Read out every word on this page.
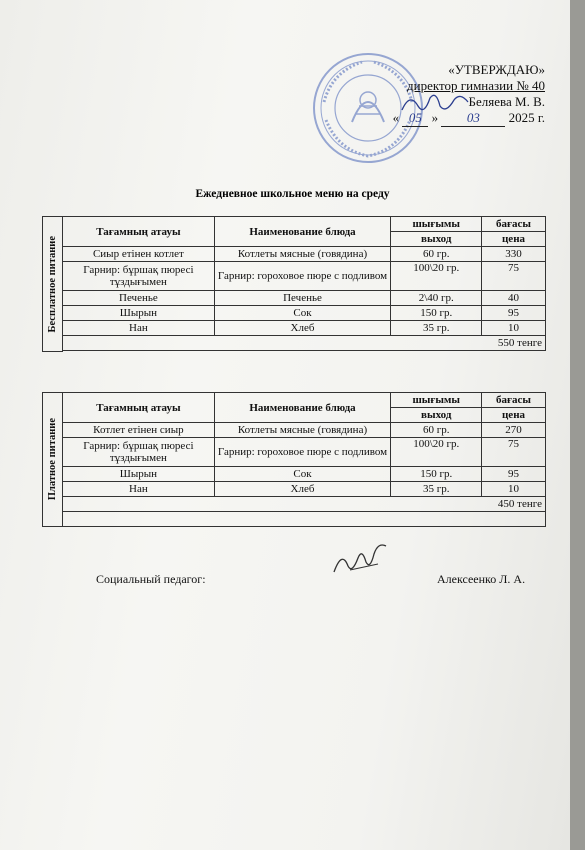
«УТВЕРЖДАЮ»
директор гимназии № 40
Беляева М. В.
« 05 » 03 2025 г.
Ежедневное школьное меню на среду
Бесплатное питание	Тағамның атауы	Наименование блюда	шығымы	бағасы
			выход	цена
	Сиыр етінен котлет	Котлеты мясные (говядина)	60 гр.	330
	Гарнир: бұршақ пюресі тұздығымен	Гарнир: гороховое пюре с подливом	100\20 гр.	75
	Печенье	Печенье	2\40 гр.	40
	Шырын	Сок	150 гр.	95
	Нан	Хлеб	35 гр.	10
	550 тенге			

Платное питание	Тағамның атауы	Наименование блюда	шығымы	бағасы
			выход	цена
	Котлет етінен сиыр	Котлеты мясные (говядина)	60 гр.	270
	Гарнир: бұршақ пюресі тұздығымен	Гарнир: гороховое пюре с подливом	100\20 гр.	75
	Шырын	Сок	150 гр.	95
	Нан	Хлеб	35 гр.	10
	450 тенге			

Социальный педагог:	Алексеенко Л. А.
